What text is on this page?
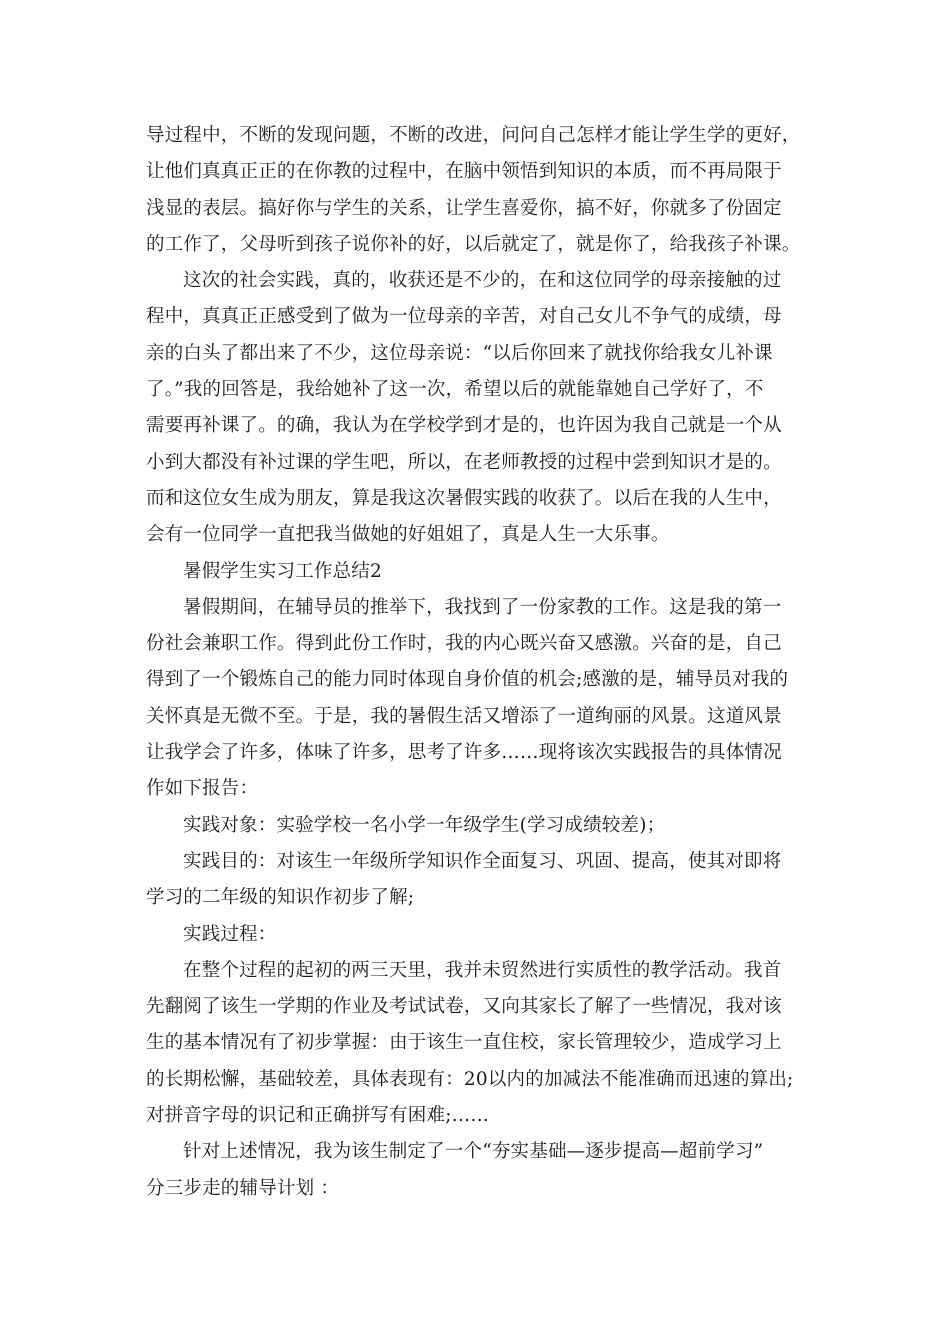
导过程中，不断的发现问题，不断的改进，问问自己怎样才能让学生学的更好，
让他们真真正正的在你教的过程中，在脑中领悟到知识的本质，而不再局限于
浅显的表层。搞好你与学生的关系，让学生喜爱你，搞不好，你就多了份固定
的工作了，父母听到孩子说你补的好，以后就定了，就是你了，给我孩子补课。
这次的社会实践，真的，收获还是不少的，在和这位同学的母亲接触的过
程中，真真正正感受到了做为一位母亲的辛苦，对自己女儿不争气的成绩，母
亲的白头了都出来了不少，这位母亲说：“以后你回来了就找你给我女儿补课
了。”我的回答是，我给她补了这一次，希望以后的就能靠她自己学好了，不
需要再补课了。的确，我认为在学校学到才是的，也许因为我自己就是一个从
小到大都没有补过课的学生吧，所以，在老师教授的过程中尝到知识才是的。
而和这位女生成为朋友，算是我这次暑假实践的收获了。以后在我的人生中，
会有一位同学一直把我当做她的好姐姐了，真是人生一大乐事。
暑假学生实习工作总结2
暑假期间，在辅导员的推举下，我找到了一份家教的工作。这是我的第一
份社会兼职工作。得到此份工作时，我的内心既兴奋又感激。兴奋的是，自己
得到了一个锻炼自己的能力同时体现自身价值的机会;感激的是，辅导员对我的
关怀真是无微不至。于是，我的暑假生活又增添了一道绚丽的风景。这道风景
让我学会了许多，体味了许多，思考了许多……现将该次实践报告的具体情况
作如下报告：
实践对象：实验学校一名小学一年级学生(学习成绩较差)；
实践目的：对该生一年级所学知识作全面复习、巩固、提高，使其对即将
学习的二年级的知识作初步了解;
实践过程：
在整个过程的起初的两三天里，我并未贸然进行实质性的教学活动。我首
先翻阅了该生一学期的作业及考试试卷，又向其家长了解了一些情况，我对该
生的基本情况有了初步掌握：由于该生一直住校，家长管理较少，造成学习上
的长期松懈，基础较差，具体表现有：20以内的加减法不能准确而迅速的算出;
对拼音字母的识记和正确拼写有困难;……
针对上述情况，我为该生制定了一个“夯实基础—逐步提高—超前学习”
分三步走的辅导计划 ：
